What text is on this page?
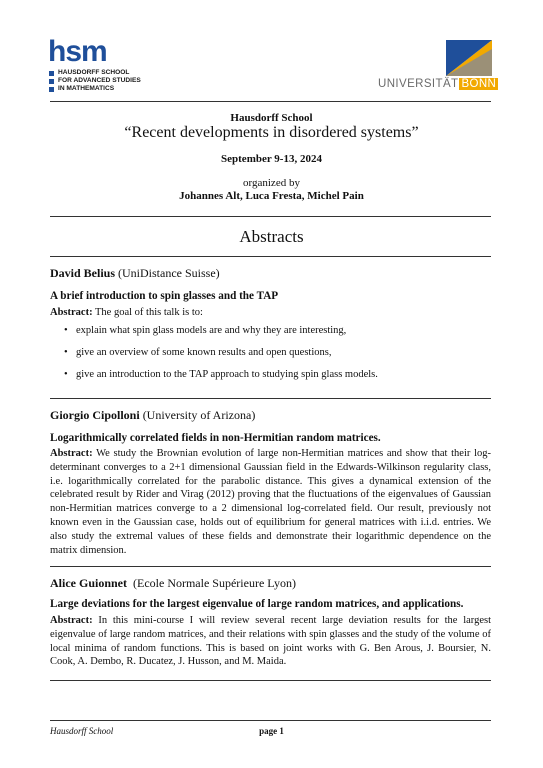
hsm
HAUSDORFF SCHOOL
FOR ADVANCED STUDIES
IN MATHEMATICS	UNIVERSITÄT BONN
Hausdorff School
“Recent developments in disordered systems”
September 9-13, 2024
organized by
Johannes Alt, Luca Fresta, Michel Pain
Abstracts
David Belius (UniDistance Suisse)
A brief introduction to spin glasses and the TAP
Abstract: The goal of this talk is to:
• explain what spin glass models are and why they are interesting,
• give an overview of some known results and open questions,
• give an introduction to the TAP approach to studying spin glass models.
Giorgio Cipolloni (University of Arizona)
Logarithmically correlated fields in non-Hermitian random matrices.
Abstract: We study the Brownian evolution of large non-Hermitian matrices and show that their log-determinant converges to a 2+1 dimensional Gaussian field in the Edwards-Wilkinson regularity class, i.e. logarithmically correlated for the parabolic distance. This gives a dynamical extension of the celebrated result by Rider and Virag (2012) proving that the fluctuations of the eigenvalues of Gaussian non-Hermitian matrices converge to a 2 dimensional log-correlated field. Our result, previously not known even in the Gaussian case, holds out of equilibrium for general matrices with i.i.d. entries. We also study the extremal values of these fields and demonstrate their logarithmic dependence on the matrix dimension.
Alice Guionnet (Ecole Normale Supérieure Lyon)
Large deviations for the largest eigenvalue of large random matrices, and applications.
Abstract: In this mini-course I will review several recent large deviation results for the largest eigenvalue of large random matrices, and their relations with spin glasses and the study of the volume of local minima of random functions. This is based on joint works with G. Ben Arous, J. Boursier, N. Cook, A. Dembo, R. Ducatez, J. Husson, and M. Maida.
Hausdorff School	page 1
